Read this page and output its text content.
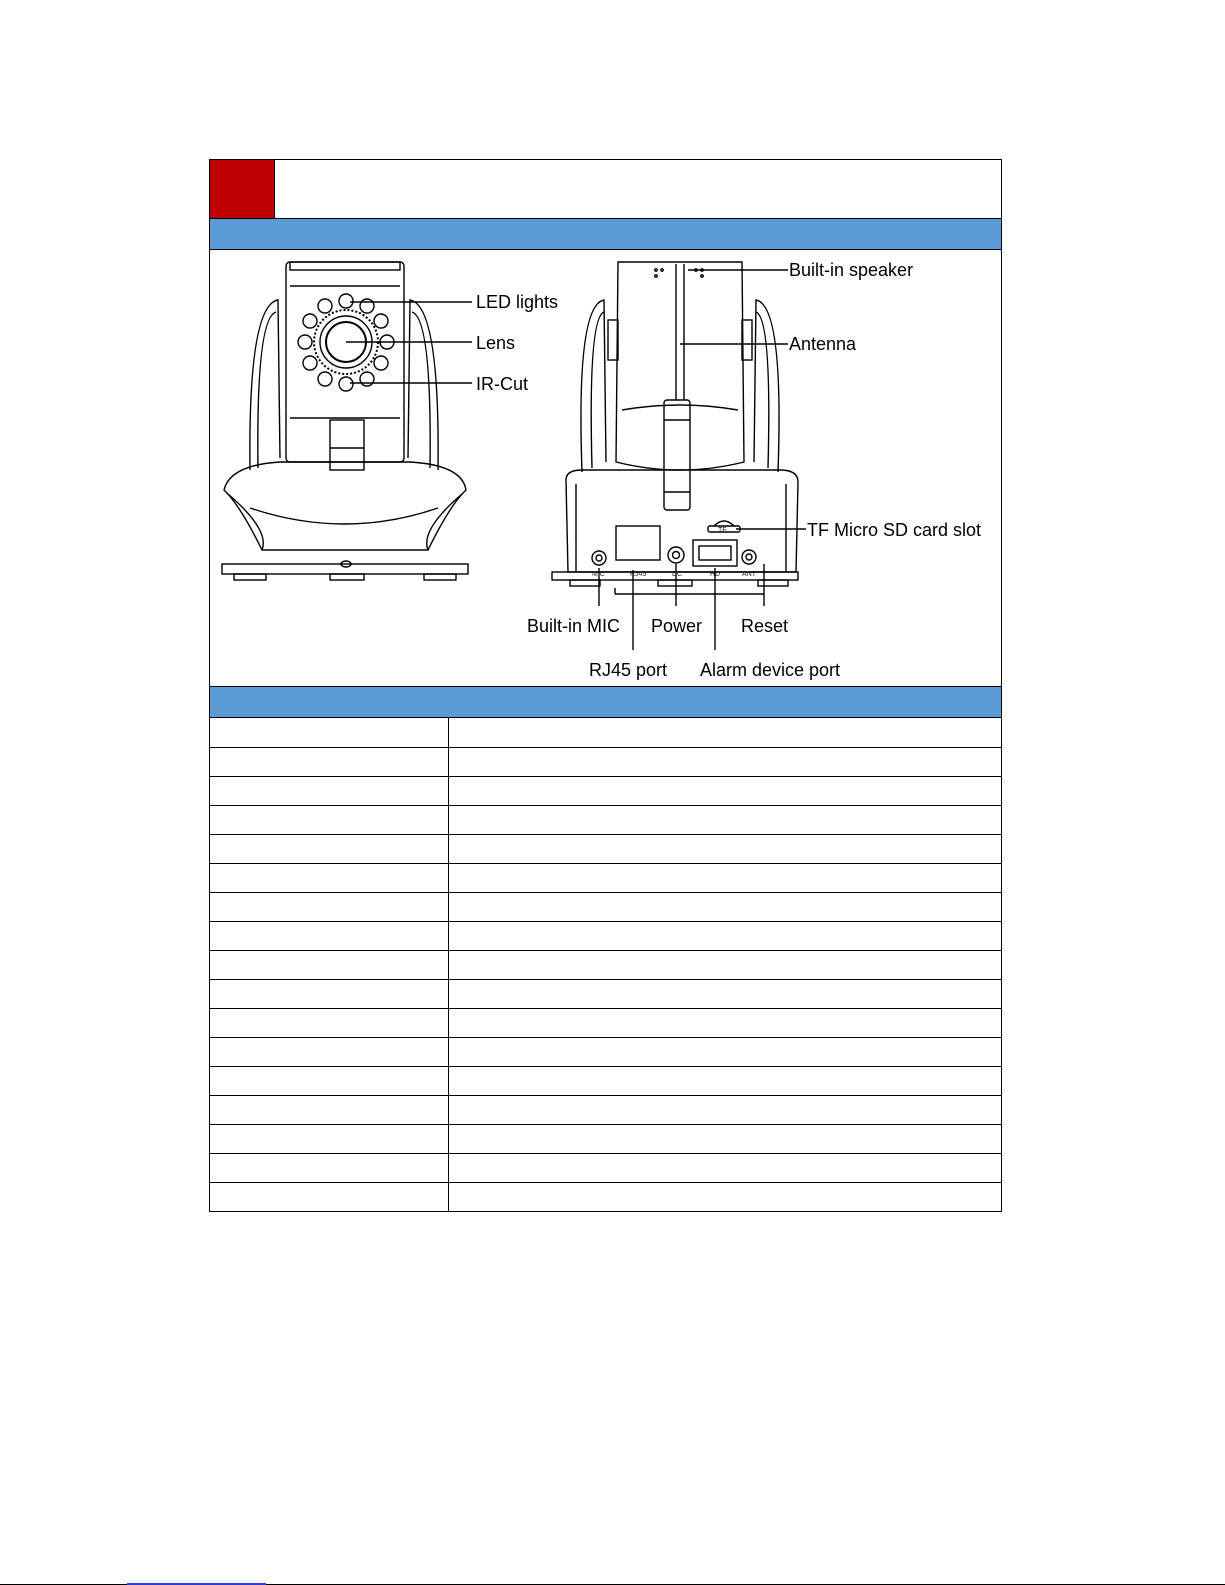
MIC	RJ45	DC	HD	ANT
TF
LED lights
Lens
IR-Cut
Built-in speaker
Antenna
TF Micro SD card slot
Built-in MIC Power Reset
RJ45 port Alarm device port
